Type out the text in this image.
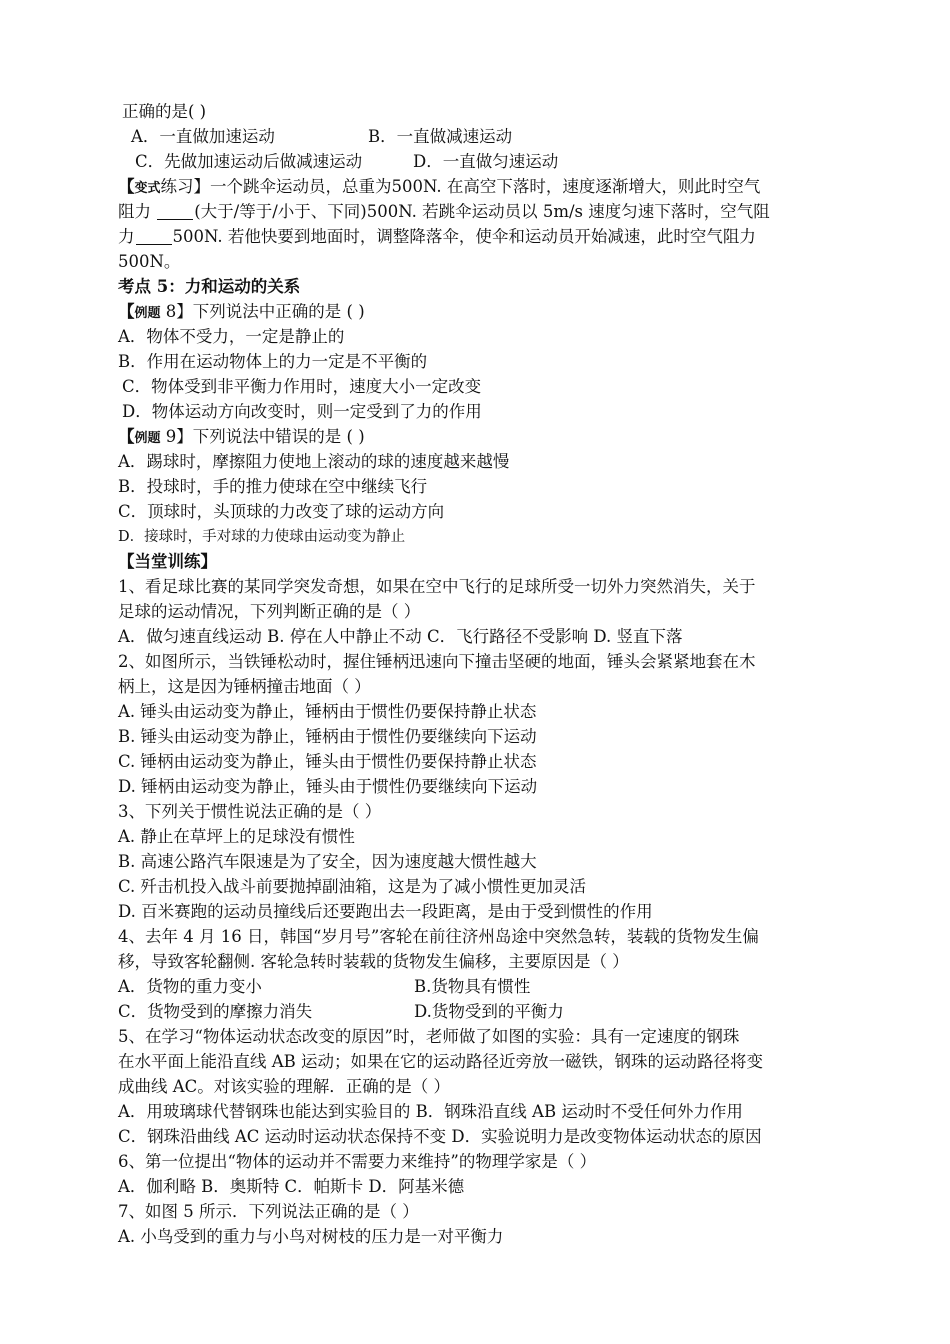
正确的是( )
A．一直做加速运动	B．一直做减速运动
C．先做加速运动后做减速运动	D．一直做匀速运动
【变式练习】一个跳伞运动员，总重为500N. 在高空下落时，速度逐渐增大，则此时空气
阻力 (大于/等于/小于、下同)500N. 若跳伞运动员以 5m/s 速度匀速下落时，空气阻
力 500N. 若他快要到地面时，调整降落伞，使伞和运动员开始减速，此时空气阻力
500N。
考点 5：力和运动的关系
【例题 8】下列说法中正确的是 ( )
A．物体不受力，一定是静止的
B．作用在运动物体上的力一定是不平衡的
C．物体受到非平衡力作用时，速度大小一定改变
D．物体运动方向改变时，则一定受到了力的作用
【例题 9】下列说法中错误的是 ( )
A．踢球时，摩擦阻力使地上滚动的球的速度越来越慢
B．投球时，手的推力使球在空中继续飞行
C．顶球时，头顶球的力改变了球的运动方向
D．接球时，手对球的力使球由运动变为静止
【当堂训练】
1、看足球比赛的某同学突发奇想，如果在空中飞行的足球所受一切外力突然消失，关于
足球的运动情况，下列判断正确的是（ ）
A．做匀速直线运动 B. 停在人中静止不动 C．飞行路径不受影响 D. 竖直下落
2、如图所示，当铁锤松动时，握住锤柄迅速向下撞击坚硬的地面，锤头会紧紧地套在木
柄上，这是因为锤柄撞击地面（ ）
A. 锤头由运动变为静止，锤柄由于惯性仍要保持静止状态
B. 锤头由运动变为静止，锤柄由于惯性仍要继续向下运动
C. 锤柄由运动变为静止，锤头由于惯性仍要保持静止状态
D. 锤柄由运动变为静止，锤头由于惯性仍要继续向下运动
3、下列关于惯性说法正确的是（ ）
A. 静止在草坪上的足球没有惯性
B. 高速公路汽车限速是为了安全，因为速度越大惯性越大
C. 歼击机投入战斗前要抛掉副油箱，这是为了减小惯性更加灵活
D. 百米赛跑的运动员撞线后还要跑出去一段距离，是由于受到惯性的作用
4、去年 4 月 16 日，韩国“岁月号”客轮在前往济州岛途中突然急转，装载的货物发生偏
移，导致客轮翻侧. 客轮急转时装载的货物发生偏移，主要原因是（ ）
A．货物的重力变小	B.货物具有惯性
C．货物受到的摩擦力消失	D.货物受到的平衡力
5、在学习“物体运动状态改变的原因”时，老师做了如图的实验：具有一定速度的钢珠
在水平面上能沿直线 AB 运动；如果在它的运动路径近旁放一磁铁，钢珠的运动路径将变
成曲线 AC。对该实验的理解．正确的是（ ）
A．用玻璃球代替钢珠也能达到实验目的 B．钢珠沿直线 AB 运动时不受任何外力作用
C．钢珠沿曲线 AC 运动时运动状态保持不变 D．实验说明力是改变物体运动状态的原因
6、第一位提出“物体的运动并不需要力来维持”的物理学家是（ ）
A．伽利略 B．奥斯特 C．帕斯卡 D．阿基米德
7、如图 5 所示．下列说法正确的是（ ）
A. 小鸟受到的重力与小鸟对树枝的压力是一对平衡力
